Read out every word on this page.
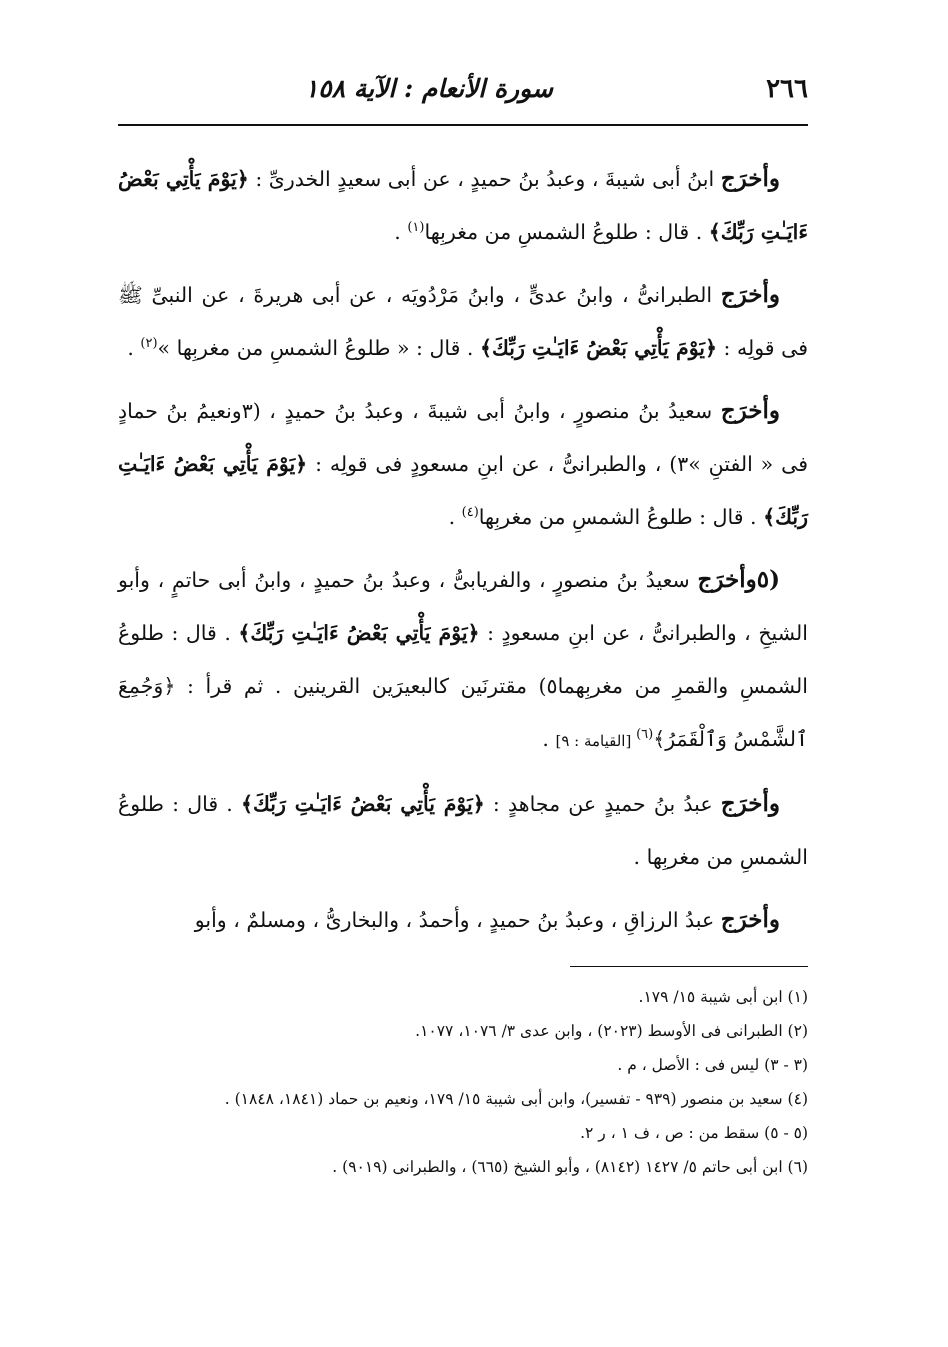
٢٦٦
سورة الأنعام : الآية ١٥٨

وأخرَج ابنُ أبى شيبةَ ، وعبدُ بنُ حميدٍ ، عن أبى سعيدٍ الخدرىِّ : ﴿يَوْمَ يَأْتِي بَعْضُ ءَايَـٰتِ رَبِّكَ﴾ . قال : طلوعُ الشمسِ من مغربِها$^{(١)}$ .

وأخرَج الطبرانىُّ ، وابنُ عدىٍّ ، وابنُ مَرْدُويَه ، عن أبى هريرةَ ، عن النبىِّ ﷺ فى قولِه : ﴿يَوْمَ يَأْتِي بَعْضُ ءَايَـٰتِ رَبِّكَ﴾ . قال : « طلوعُ الشمسِ من مغربِها »$^{(٢)}$ .

وأخرَج سعيدُ بنُ منصورٍ ، وابنُ أبى شيبةَ ، وعبدُ بنُ حميدٍ ، (٣ونعيمُ بنُ حمادٍ فى « الفتنِ »٣) ، والطبرانىُّ ، عن ابنِ مسعودٍ فى قولِه : ﴿يَوْمَ يَأْتِي بَعْضُ ءَايَـٰتِ رَبِّكَ﴾ . قال : طلوعُ الشمسِ من مغربِها$^{(٤)}$ .

(٥وأخرَج سعيدُ بنُ منصورٍ ، والفريابىُّ ، وعبدُ بنُ حميدٍ ، وابنُ أبى حاتمٍ ، وأبو الشيخِ ، والطبرانىُّ ، عن ابنِ مسعودٍ : ﴿يَوْمَ يَأْتِي بَعْضُ ءَايَـٰتِ رَبِّكَ﴾ . قال : طلوعُ الشمسِ والقمرِ من مغربِهما٥) مقترنَين كالبعيرَين القرينين . ثم قرأ : ﴿وَجُمِعَ ٱلشَّمْسُ وَٱلْقَمَرُ﴾$^{(٦)}$ [القيامة : ٩] .

وأخرَج عبدُ بنُ حميدٍ عن مجاهدٍ : ﴿يَوْمَ يَأْتِي بَعْضُ ءَايَـٰتِ رَبِّكَ﴾ . قال : طلوعُ الشمسِ من مغربِها .

وأخرَج عبدُ الرزاقِ ، وعبدُ بنُ حميدٍ ، وأحمدُ ، والبخارىُّ ، ومسلمٌ ، وأبو

(١) ابن أبى شيبة ١٥/ ١٧٩.
(٢) الطبرانى فى الأوسط (٢٠٢٣) ، وابن عدى ٣/ ١٠٧٦، ١٠٧٧.
(٣ - ٣) ليس فى : الأصل ، م .
(٤) سعيد بن منصور (٩٣٩ - تفسير)، وابن أبى شيبة ١٥/ ١٧٩، ونعيم بن حماد (١٨٤١، ١٨٤٨) .
(٥ - ٥) سقط من : ص ، ف ١ ، ر ٢.
(٦) ابن أبى حاتم ٥/ ١٤٢٧ (٨١٤٢) ، وأبو الشيخ (٦٦٥) ، والطبرانى (٩٠١٩) .
